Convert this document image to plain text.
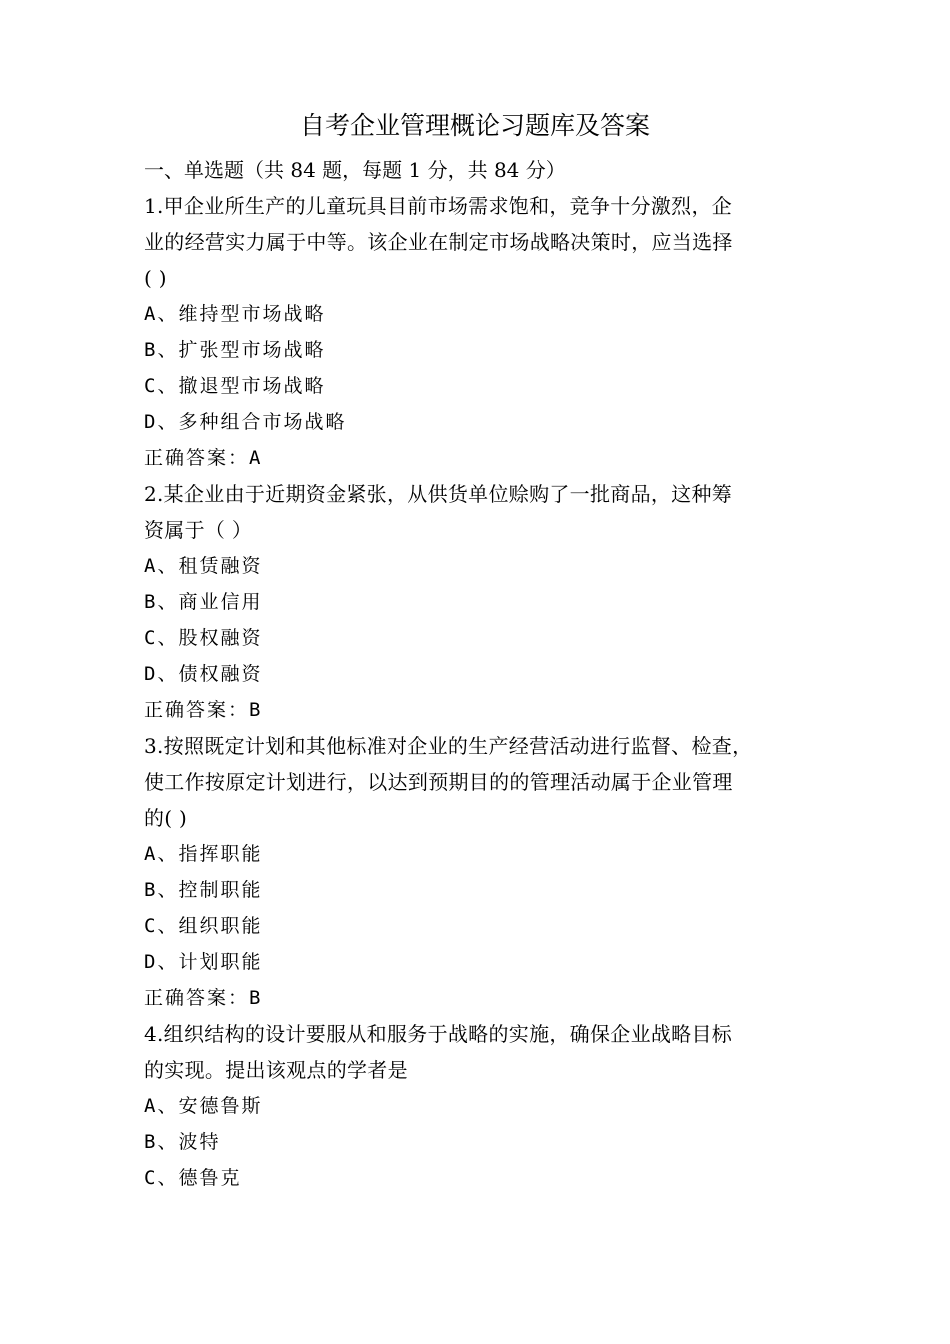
自考企业管理概论习题库及答案
一、单选题（共 84 题，每题 1 分，共 84 分）
1.甲企业所生产的儿童玩具目前市场需求饱和，竞争十分激烈，企
业的经营实力属于中等。该企业在制定市场战略决策时，应当选择
( )
A、维持型市场战略
B、扩张型市场战略
C、撤退型市场战略
D、多种组合市场战略
正确答案：A
2.某企业由于近期资金紧张，从供货单位赊购了一批商品，这种筹
资属于（ ）
A、租赁融资
B、商业信用
C、股权融资
D、债权融资
正确答案：B
3.按照既定计划和其他标准对企业的生产经营活动进行监督、检查，
使工作按原定计划进行，以达到预期目的的管理活动属于企业管理
的( )
A、指挥职能
B、控制职能
C、组织职能
D、计划职能
正确答案：B
4.组织结构的设计要服从和服务于战略的实施，确保企业战略目标
的实现。提出该观点的学者是
A、安德鲁斯
B、波特
C、德鲁克
